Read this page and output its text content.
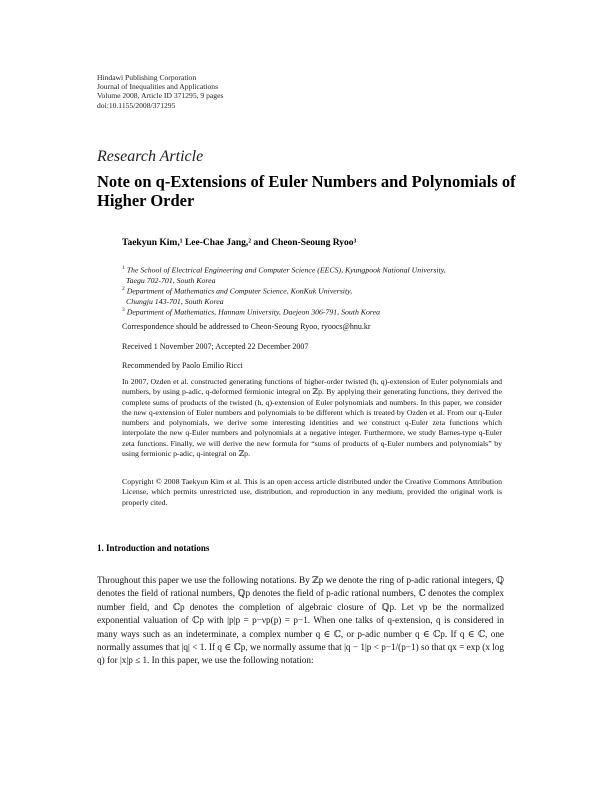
Hindawi Publishing Corporation
Journal of Inequalities and Applications
Volume 2008, Article ID 371295, 9 pages
doi:10.1155/2008/371295
Research Article
Note on q-Extensions of Euler Numbers and Polynomials of Higher Order
Taekyun Kim,¹ Lee-Chae Jang,² and Cheon-Seoung Ryoo³
$^1$ The School of Electrical Engineering and Computer Science (EECS), Kyungpook National University,
Taegu 702-701, South Korea
$^2$ Department of Mathematics and Computer Science, KonKuk University,
Chungju 143-701, South Korea
$^3$ Department of Mathematics, Hannam University, Daejeon 306-791, South Korea
Correspondence should be addressed to Cheon-Seoung Ryoo, ryoocs@hnu.kr
Received 1 November 2007; Accepted 22 December 2007
Recommended by Paolo Emilio Ricci
In 2007, Ozden et al. constructed generating functions of higher-order twisted (h, q)-extension of Euler polynomials and numbers, by using p-adic, q-deformed fermionic integral on ℤp. By applying their generating functions, they derived the complete sums of products of the twisted (h, q)-extension of Euler polynomials and numbers. In this paper, we consider the new q-extension of Euler numbers and polynomials to be different which is treated by Ozden et al. From our q-Euler numbers and polynomials, we derive some interesting identities and we construct q-Euler zeta functions which interpolate the new q-Euler numbers and polynomials at a negative integer. Furthermore, we study Barnes-type q-Euler zeta functions. Finally, we will derive the new formula for “sums of products of q-Euler numbers and polynomials” by using fermionic p-adic, q-integral on ℤp.
Copyright © 2008 Taekyun Kim et al. This is an open access article distributed under the Creative Commons Attribution License, which permits unrestricted use, distribution, and reproduction in any medium, provided the original work is properly cited.
1. Introduction and notations
Throughout this paper we use the following notations. By ℤp we denote the ring of p-adic rational integers, ℚ denotes the field of rational numbers, ℚp denotes the field of p-adic rational numbers, ℂ denotes the complex number field, and ℂp denotes the completion of algebraic closure of ℚp. Let νp be the normalized exponential valuation of ℂp with |p|p = p−νp(p) = p−1. When one talks of q-extension, q is considered in many ways such as an indeterminate, a complex number q ∈ ℂ, or p-adic number q ∈ ℂp. If q ∈ ℂ, one normally assumes that |q| < 1. If q ∈ ℂp, we normally assume that |q − 1|p < p−1/(p−1) so that qx = exp (x log q) for |x|p ≤ 1. In this paper, we use the following notation:
